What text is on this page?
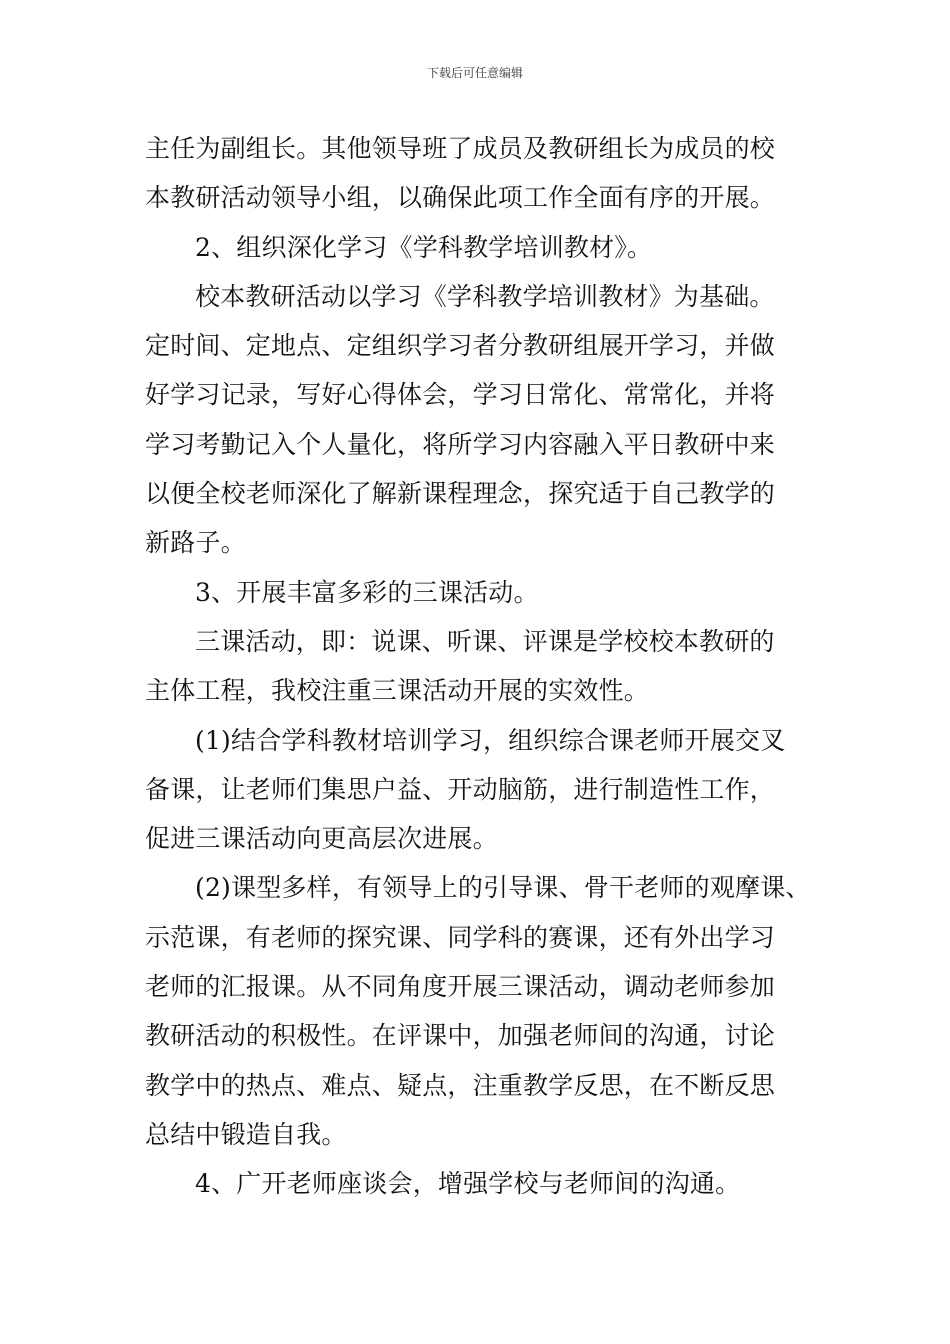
下载后可任意编辑

主任为副组长。其他领导班了成员及教研组长为成员的校

本教研活动领导小组，以确保此项工作全面有序的开展。

2、组织深化学习《学科教学培训教材》。

校本教研活动以学习《学科教学培训教材》为基础。

定时间、定地点、定组织学习者分教研组展开学习，并做

好学习记录，写好心得体会，学习日常化、常常化，并将

学习考勤记入个人量化，将所学习内容融入平日教研中来

以便全校老师深化了解新课程理念，探究适于自己教学的

新路子。

3、开展丰富多彩的三课活动。

三课活动，即：说课、听课、评课是学校校本教研的

主体工程，我校注重三课活动开展的实效性。

(1)结合学科教材培训学习，组织综合课老师开展交叉

备课，让老师们集思户益、开动脑筋，进行制造性工作，

促进三课活动向更高层次进展。

(2)课型多样，有领导上的引导课、骨干老师的观摩课、

示范课，有老师的探究课、同学科的赛课，还有外出学习

老师的汇报课。从不同角度开展三课活动，调动老师参加

教研活动的积极性。在评课中，加强老师间的沟通，讨论

教学中的热点、难点、疑点，注重教学反思，在不断反思

总结中锻造自我。

4、广开老师座谈会，增强学校与老师间的沟通。
